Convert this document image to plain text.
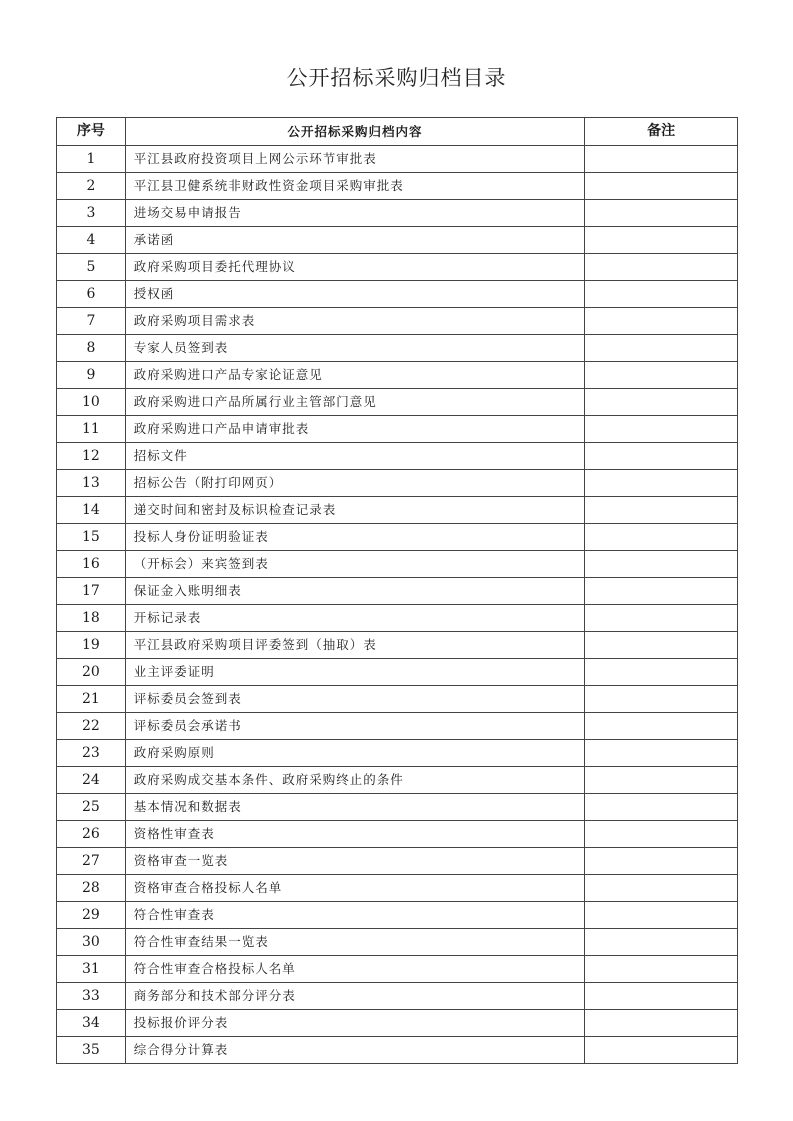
公开招标采购归档目录
序号	公开招标采购归档内容	备注
1	平江县政府投资项目上网公示环节审批表	
2	平江县卫健系统非财政性资金项目采购审批表	
3	进场交易申请报告	
4	承诺函	
5	政府采购项目委托代理协议	
6	授权函	
7	政府采购项目需求表	
8	专家人员签到表	
9	政府采购进口产品专家论证意见	
10	政府采购进口产品所属行业主管部门意见	
11	政府采购进口产品申请审批表	
12	招标文件	
13	招标公告（附打印网页）	
14	递交时间和密封及标识检查记录表	
15	投标人身份证明验证表	
16	（开标会）来宾签到表	
17	保证金入账明细表	
18	开标记录表	
19	平江县政府采购项目评委签到（抽取）表	
20	业主评委证明	
21	评标委员会签到表	
22	评标委员会承诺书	
23	政府采购原则	
24	政府采购成交基本条件、政府采购终止的条件	
25	基本情况和数据表	
26	资格性审查表	
27	资格审查一览表	
28	资格审查合格投标人名单	
29	符合性审查表	
30	符合性审查结果一览表	
31	符合性审查合格投标人名单	
33	商务部分和技术部分评分表	
34	投标报价评分表	
35	综合得分计算表	
